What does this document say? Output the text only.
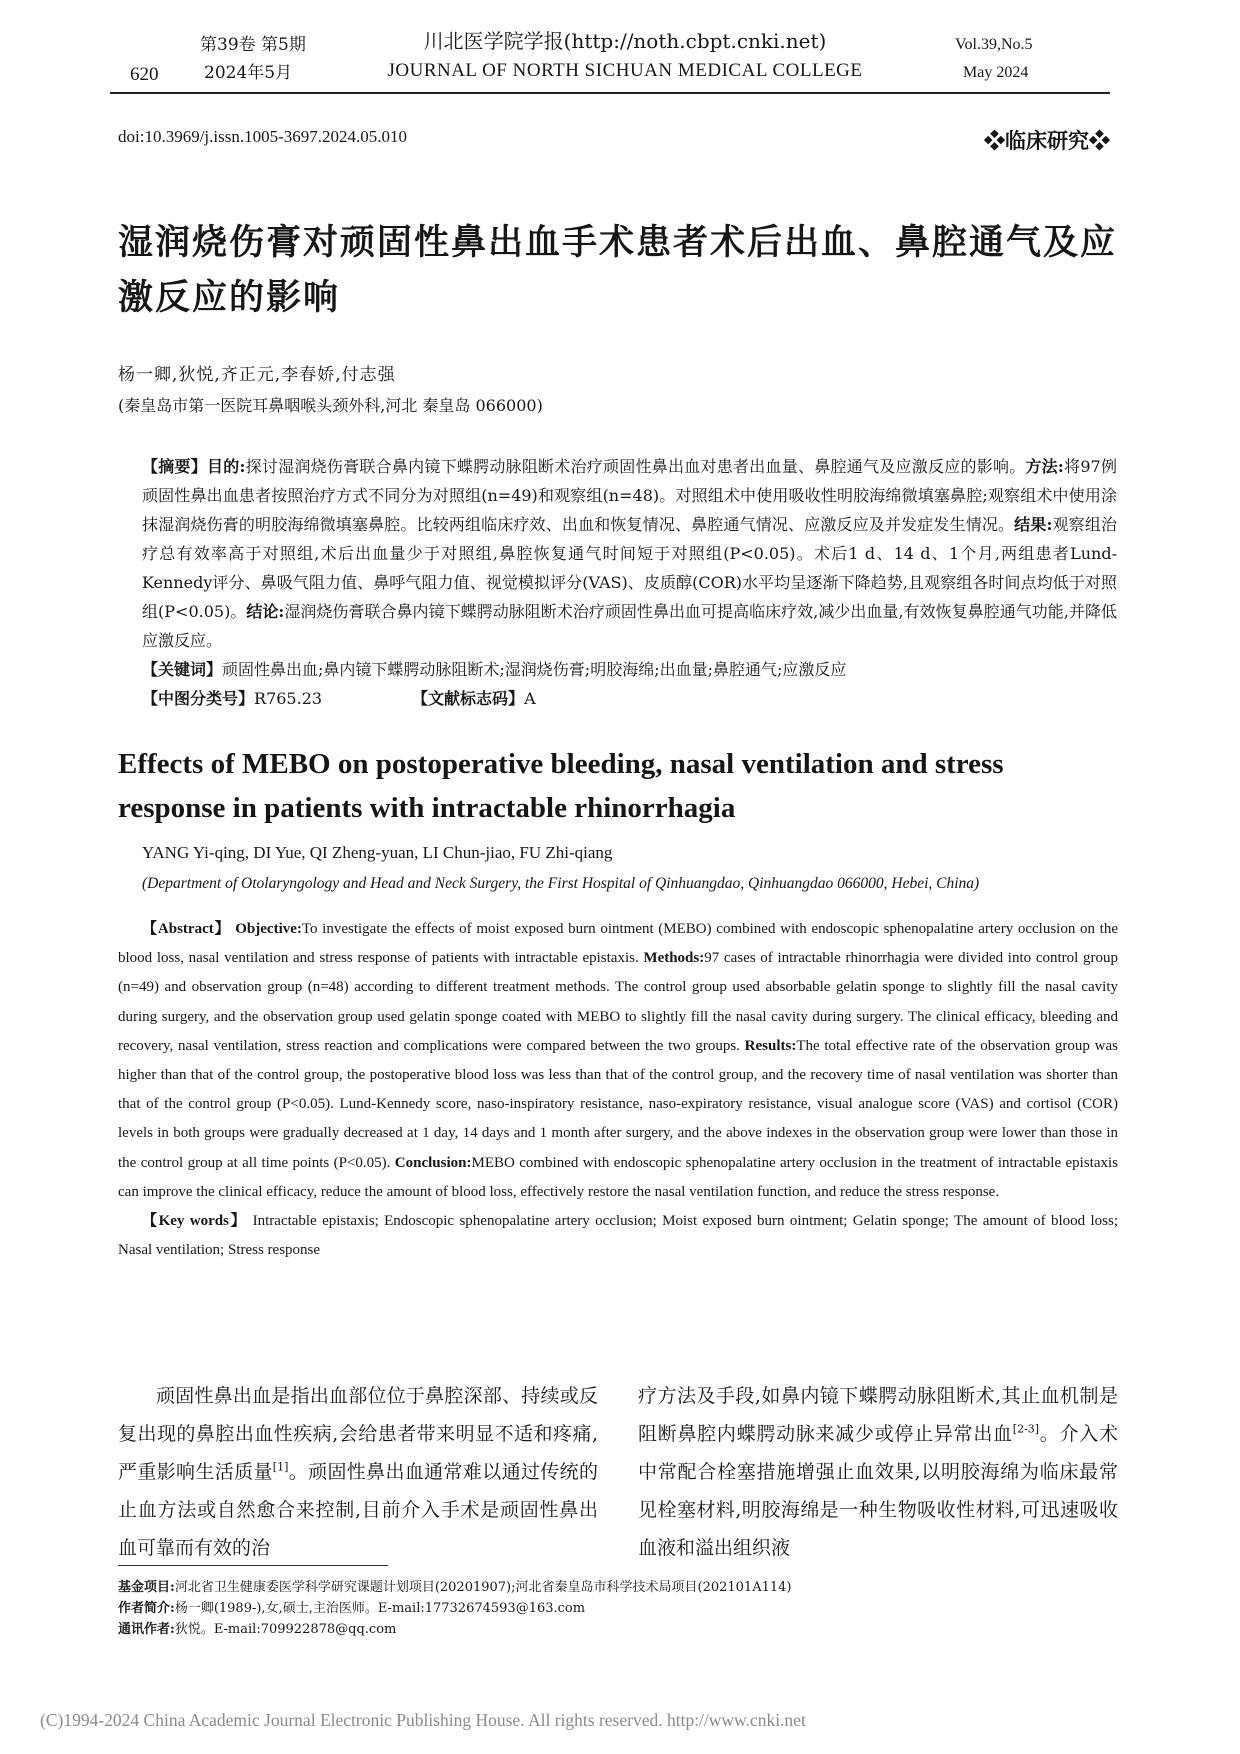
620
第39卷 第5期
2024年5月
川北医学院学报(http://noth.cbpt.cnki.net)
JOURNAL OF NORTH SICHUAN MEDICAL COLLEGE
Vol.39,No.5
May 2024
doi:10.3969/j.issn.1005-3697.2024.05.010	❖临床研究❖
湿润烧伤膏对顽固性鼻出血手术患者术后出血、鼻腔通气及应激反应的影响
杨一卿,狄悦,齐正元,李春娇,付志强
(秦皇岛市第一医院耳鼻咽喉头颈外科,河北 秦皇岛 066000)

【摘要】目的:探讨湿润烧伤膏联合鼻内镜下蝶腭动脉阻断术治疗顽固性鼻出血对患者出血量、鼻腔通气及应激反应的影响。方法:将97例顽固性鼻出血患者按照治疗方式不同分为对照组(n=49)和观察组(n=48)。对照组术中使用吸收性明胶海绵微填塞鼻腔;观察组术中使用涂抹湿润烧伤膏的明胶海绵微填塞鼻腔。比较两组临床疗效、出血和恢复情况、鼻腔通气情况、应激反应及并发症发生情况。结果:观察组治疗总有效率高于对照组,术后出血量少于对照组,鼻腔恢复通气时间短于对照组(P<0.05)。术后1 d、14 d、1个月,两组患者Lund-Kennedy评分、鼻吸气阻力值、鼻呼气阻力值、视觉模拟评分(VAS)、皮质醇(COR)水平均呈逐渐下降趋势,且观察组各时间点均低于对照组(P<0.05)。结论:湿润烧伤膏联合鼻内镜下蝶腭动脉阻断术治疗顽固性鼻出血可提高临床疗效,减少出血量,有效恢复鼻腔通气功能,并降低应激反应。

【关键词】顽固性鼻出血;鼻内镜下蝶腭动脉阻断术;湿润烧伤膏;明胶海绵;出血量;鼻腔通气;应激反应

【中图分类号】R765.23	【文献标志码】A

Effects of MEBO on postoperative bleeding, nasal ventilation and stress response in patients with intractable rhinorrhagia
YANG Yi-qing, DI Yue, QI Zheng-yuan, LI Chun-jiao, FU Zhi-qiang
(Department of Otolaryngology and Head and Neck Surgery, the First Hospital of Qinhuangdao, Qinhuangdao 066000, Hebei, China)

【Abstract】 Objective:To investigate the effects of moist exposed burn ointment (MEBO) combined with endoscopic sphenopalatine artery occlusion on the blood loss, nasal ventilation and stress response of patients with intractable epistaxis. Methods:97 cases of intractable rhinorrhagia were divided into control group (n=49) and observation group (n=48) according to different treatment methods. The control group used absorbable gelatin sponge to slightly fill the nasal cavity during surgery, and the observation group used gelatin sponge coated with MEBO to slightly fill the nasal cavity during surgery. The clinical efficacy, bleeding and recovery, nasal ventilation, stress reaction and complications were compared between the two groups. Results:The total effective rate of the observation group was higher than that of the control group, the postoperative blood loss was less than that of the control group, and the recovery time of nasal ventilation was shorter than that of the control group (P<0.05). Lund-Kennedy score, naso-inspiratory resistance, naso-expiratory resistance, visual analogue score (VAS) and cortisol (COR) levels in both groups were gradually decreased at 1 day, 14 days and 1 month after surgery, and the above indexes in the observation group were lower than those in the control group at all time points (P<0.05). Conclusion:MEBO combined with endoscopic sphenopalatine artery occlusion in the treatment of intractable epistaxis can improve the clinical efficacy, reduce the amount of blood loss, effectively restore the nasal ventilation function, and reduce the stress response.

【Key words】 Intractable epistaxis; Endoscopic sphenopalatine artery occlusion; Moist exposed burn ointment; Gelatin sponge; The amount of blood loss; Nasal ventilation; Stress response

顽固性鼻出血是指出血部位位于鼻腔深部、持续或反复出现的鼻腔出血性疾病,会给患者带来明显不适和疼痛,严重影响生活质量[1]。顽固性鼻出血通常难以通过传统的止血方法或自然愈合来控制,目前介入手术是顽固性鼻出血可靠而有效的治
疗方法及手段,如鼻内镜下蝶腭动脉阻断术,其止血机制是阻断鼻腔内蝶腭动脉来减少或停止异常出血[2-3]。介入术中常配合栓塞措施增强止血效果,以明胶海绵为临床最常见栓塞材料,明胶海绵是一种生物吸收性材料,可迅速吸收血液和溢出组织液

基金项目:河北省卫生健康委医学科学研究课题计划项目(20201907);河北省秦皇岛市科学技术局项目(202101A114)

作者简介:杨一卿(1989-),女,硕士,主治医师。E-mail:17732674593@163.com

通讯作者:狄悦。E-mail:709922878@qq.com

(C)1994-2024 China Academic Journal Electronic Publishing House. All rights reserved. http://www.cnki.net
